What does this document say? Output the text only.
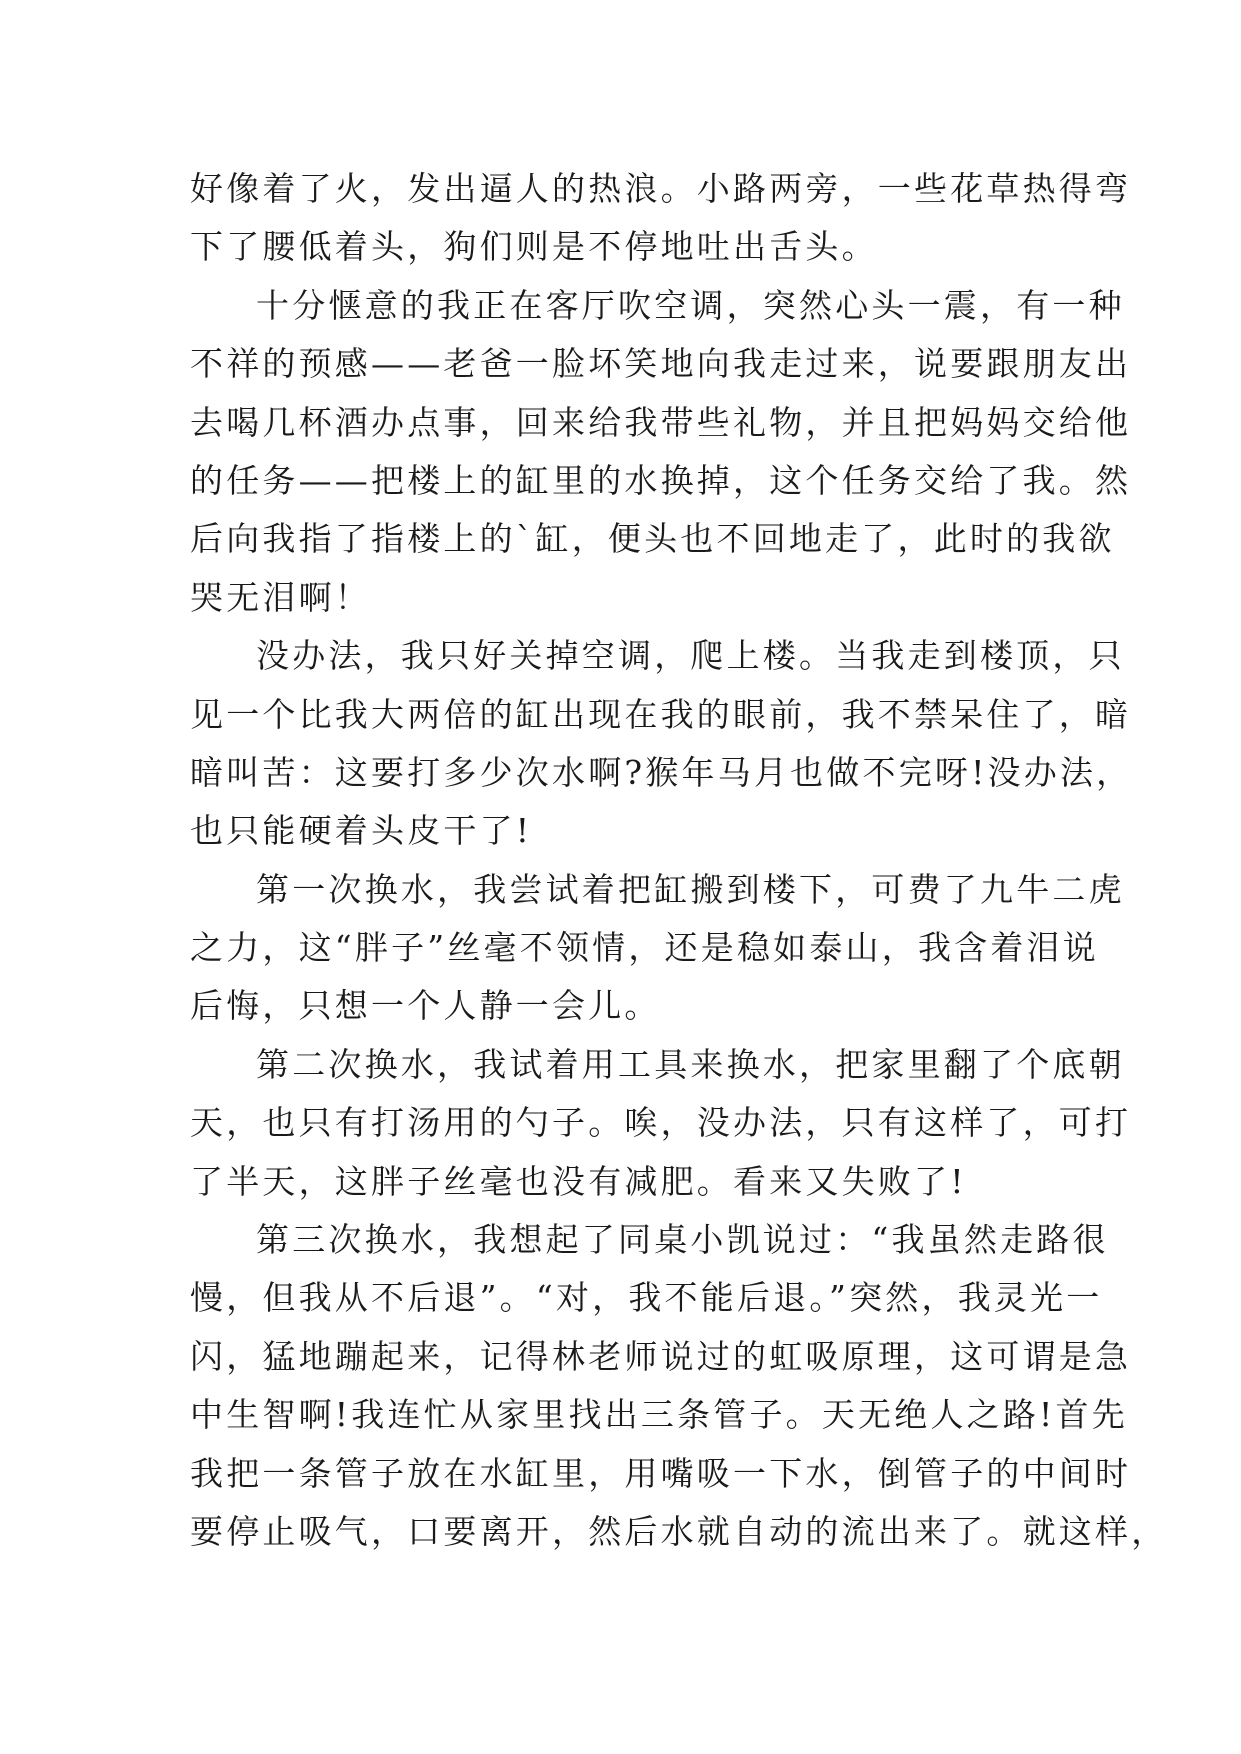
好像着了火，发出逼人的热浪。小路两旁，一些花草热得弯
下了腰低着头，狗们则是不停地吐出舌头。
十分惬意的我正在客厅吹空调，突然心头一震，有一种
不祥的预感——老爸一脸坏笑地向我走过来，说要跟朋友出
去喝几杯酒办点事，回来给我带些礼物，并且把妈妈交给他
的任务——把楼上的缸里的水换掉，这个任务交给了我。然
后向我指了指楼上的`缸，便头也不回地走了，此时的我欲
哭无泪啊！
没办法，我只好关掉空调，爬上楼。当我走到楼顶，只
见一个比我大两倍的缸出现在我的眼前，我不禁呆住了，暗
暗叫苦：这要打多少次水啊?猴年马月也做不完呀!没办法，
也只能硬着头皮干了!
第一次换水，我尝试着把缸搬到楼下，可费了九牛二虎
之力，这“胖子”丝毫不领情，还是稳如泰山，我含着泪说
后悔，只想一个人静一会儿。
第二次换水，我试着用工具来换水，把家里翻了个底朝
天，也只有打汤用的勺子。唉，没办法，只有这样了，可打
了半天，这胖子丝毫也没有减肥。看来又失败了!
第三次换水，我想起了同桌小凯说过：“我虽然走路很
慢，但我从不后退”。“对，我不能后退。”突然，我灵光一
闪，猛地蹦起来，记得林老师说过的虹吸原理，这可谓是急
中生智啊!我连忙从家里找出三条管子。天无绝人之路!首先
我把一条管子放在水缸里，用嘴吸一下水，倒管子的中间时
要停止吸气，口要离开，然后水就自动的流出来了。就这样，
